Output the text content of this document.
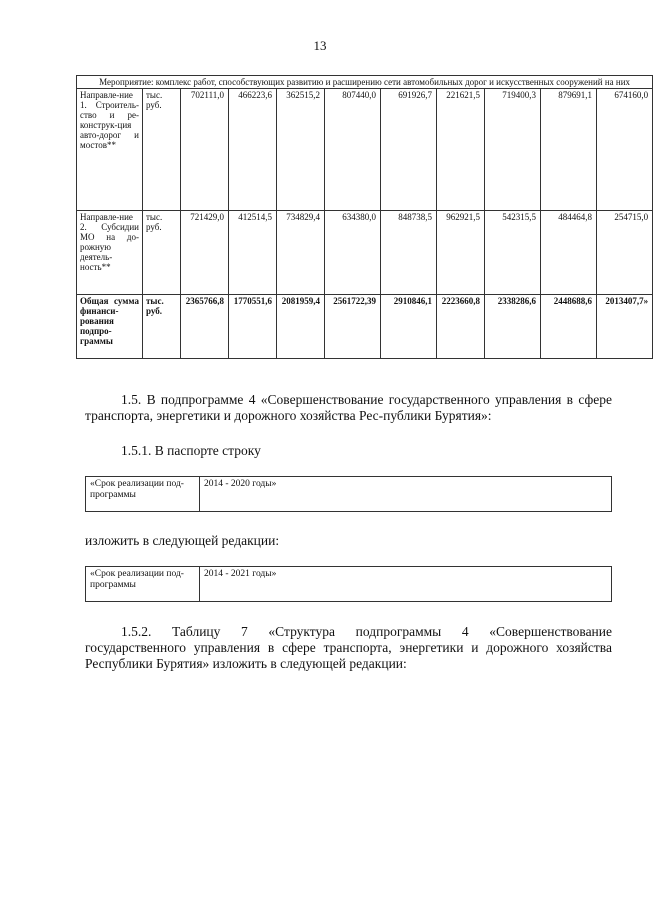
13
Мероприятие: комплекс работ, способствующих развитию и расширению сети автомобильных дорог и искусственных сооружений на них										
Направле-ние 1. Строитель-ство и ре-конструк-ция авто-дорог и мостов**	тыс. руб.	702111,0	466223,6	362515,2	807440,0	691926,7	221621,5	719400,3	879691,1	674160,0
Направле-ние 2. Субсидии МО на до-рожную деятель-ность**	тыс. руб.	721429,0	412514,5	734829,4	634380,0	848738,5	962921,5	542315,5	484464,8	254715,0
Общая сумма финанси-рования подпро-граммы	тыс. руб.	2365766,8	1770551,6	2081959,4	2561722,39	2910846,1	2223660,8	2338286,6	2448688,6	2013407,7»
1.5. В подпрограмме 4 «Совершенствование государственного управления в сфере транспорта, энергетики и дорожного хозяйства Рес-публики Бурятия»:
1.5.1. В паспорте строку
«Срок реализации под-программы	2014 - 2020 годы»
изложить в следующей редакции:
«Срок реализации под-программы	2014 - 2021 годы»
1.5.2. Таблицу 7 «Структура подпрограммы 4 «Совершенствование государственного управления в сфере транспорта, энергетики и дорожного хозяйства Республики Бурятия» изложить в следующей редакции:
